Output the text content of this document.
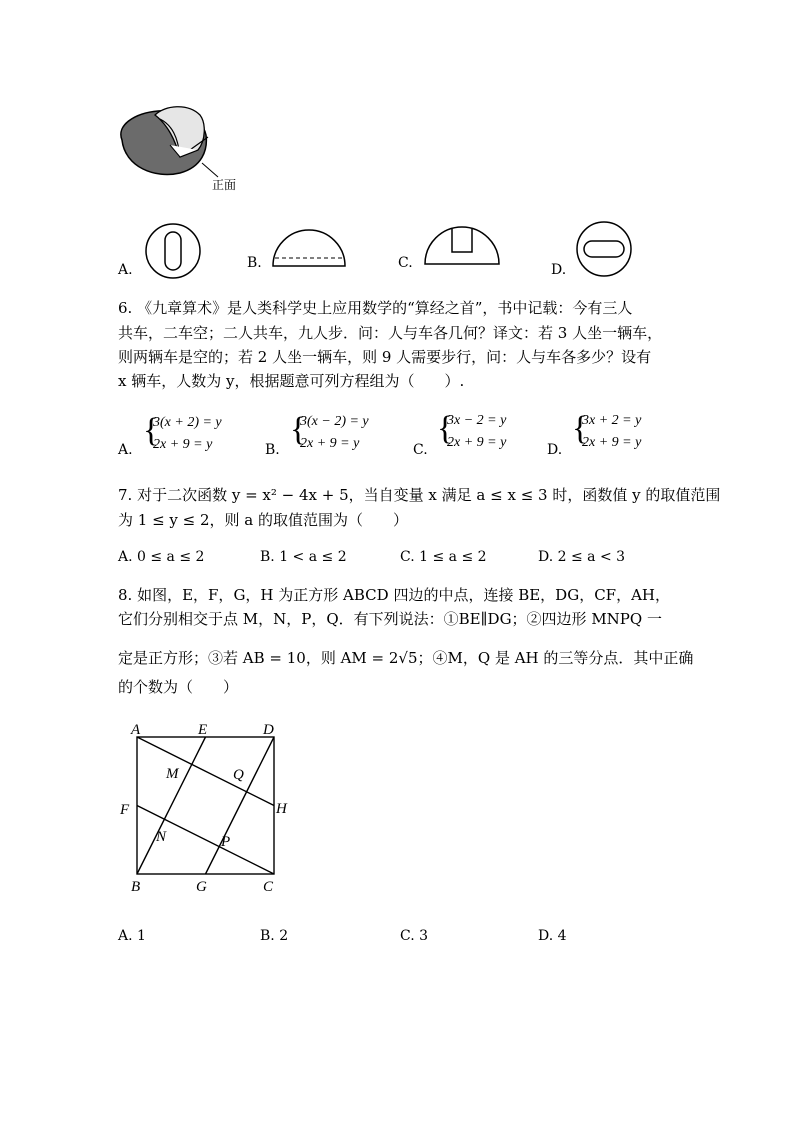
正面
A.	B.	C.	D.
6. 《九章算术》是人类科学史上应用数学的“算经之首”，书中记载：今有三人
共车，二车空；二人共车，九人步．问：人与车各几何？译文：若 3 人坐一辆车，
则两辆车是空的；若 2 人坐一辆车，则 9 人需要步行，问：人与车各多少？设有
x 辆车，人数为 y，根据题意可列方程组为（　　）.
A.
{
3(x + 2) = y
2x + 9 = y	B.
{
3(x − 2) = y
2x + 9 = y	C.
{
3x − 2 = y
2x + 9 = y	D.
{
3x + 2 = y
2x + 9 = y
7. 对于二次函数 y = x² − 4x + 5，当自变量 x 满足 a ≤ x ≤ 3 时，函数值 y 的取值范围
为 1 ≤ y ≤ 2，则 a 的取值范围为（　　）
A. 0 ≤ a ≤ 2	B. 1 < a ≤ 2	C. 1 ≤ a ≤ 2	D. 2 ≤ a < 3
8. 如图，E，F，G，H 为正方形 ABCD 四边的中点，连接 BE，DG，CF，AH，
它们分别相交于点 M，N，P，Q．有下列说法：①BE∥DG；②四边形 MNPQ 一
定是正方形；③若 AB = 10，则 AM = 2√5；④M，Q 是 AH 的三等分点．其中正确
的个数为（　　）
A	E	D
M	Q
F	H
N	P
B	G	C
A. 1	B. 2	C. 3	D. 4
